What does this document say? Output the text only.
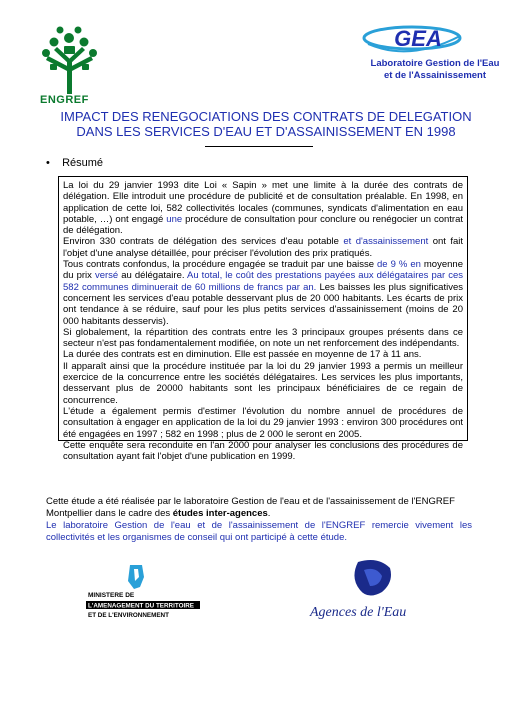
ENGREF
GEA
Laboratoire Gestion de l'Eau
et de l'Assainissement
IMPACT DES RENEGOCIATIONS DES CONTRATS DE DELEGATION
DANS LES SERVICES D'EAU ET D'ASSAINISSEMENT EN 1998
• Résumé

La loi du 29 janvier 1993 dite Loi « Sapin » met une limite à la durée des contrats de délégation. Elle introduit une procédure de publicité et de consultation préalable. En 1998, en application de cette loi, 582 collectivités locales (communes, syndicats d'alimentation en eau potable, …) ont engagé une procédure de consultation pour conclure ou renégocier un contrat de délégation.

Environ 330 contrats de délégation des services d'eau potable et d'assainissement ont fait l'objet d'une analyse détaillée, pour préciser l'évolution des prix pratiqués.

Tous contrats confondus, la procédure engagée se traduit par une baisse de 9 % en moyenne du prix versé au délégataire. Au total, le coût des prestations payées aux délégataires par ces 582 communes diminuerait de 60 millions de francs par an. Les baisses les plus significatives concernent les services d'eau potable desservant plus de 20 000 habitants. Les écarts de prix ont tendance à se réduire, sauf pour les plus petits services d'assainissement (moins de 20 000 habitants desservis).

Si globalement, la répartition des contrats entre les 3 principaux groupes présents dans ce secteur n'est pas fondamentalement modifiée, on note un net renforcement des indépendants.

La durée des contrats est en diminution. Elle est passée en moyenne de 17 à 11 ans.

Il apparaît ainsi que la procédure instituée par la loi du 29 janvier 1993 a permis un meilleur exercice de la concurrence entre les sociétés délégataires. Les services les plus importants, desservant plus de 20000 habitants sont les principaux bénéficiaires de ce regain de concurrence.

L'étude a également permis d'estimer l'évolution du nombre annuel de procédures de consultation à engager en application de la loi du 29 janvier 1993 : environ 300 procédures ont été engagées en 1997 ; 582 en 1998 ; plus de 2 000 le seront en 2005.

Cette enquête sera reconduite en l'an 2000 pour analyser les conclusions des procédures de consultation ayant fait l'objet d'une publication en 1999.

Cette étude a été réalisée par le laboratoire Gestion de l'eau et de l'assainissement de l'ENGREF Montpellier dans le cadre des études inter-agences.
Le laboratoire Gestion de l'eau et de l'assainissement de l'ENGREF remercie vivement les collectivités et les organismes de conseil qui ont participé à cette étude.
MINISTERE DE
L'AMENAGEMENT DU TERRITOIRE
ET DE L'ENVIRONNEMENT	Agences de l'Eau
